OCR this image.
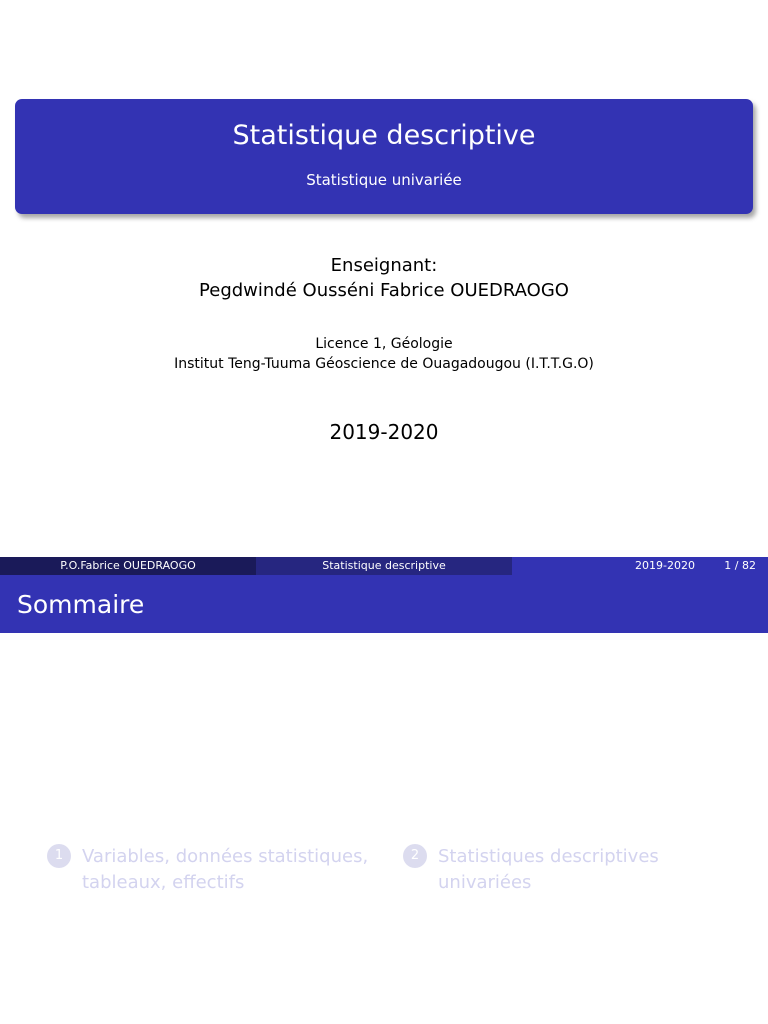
Statistique descriptive
Statistique univariée
Enseignant:
Pegdwindé Ousséni Fabrice OUEDRAOGO
Licence 1, Géologie
Institut Teng-Tuuma Géoscience de Ouagadougou (I.T.T.G.O)
2019-2020
P.O.Fabrice OUEDRAOGO	Statistique descriptive	2019-2020	1 / 82
Sommaire
1	Variables, données statistiques, tableaux, effectifs
2	Statistiques descriptives univariées
